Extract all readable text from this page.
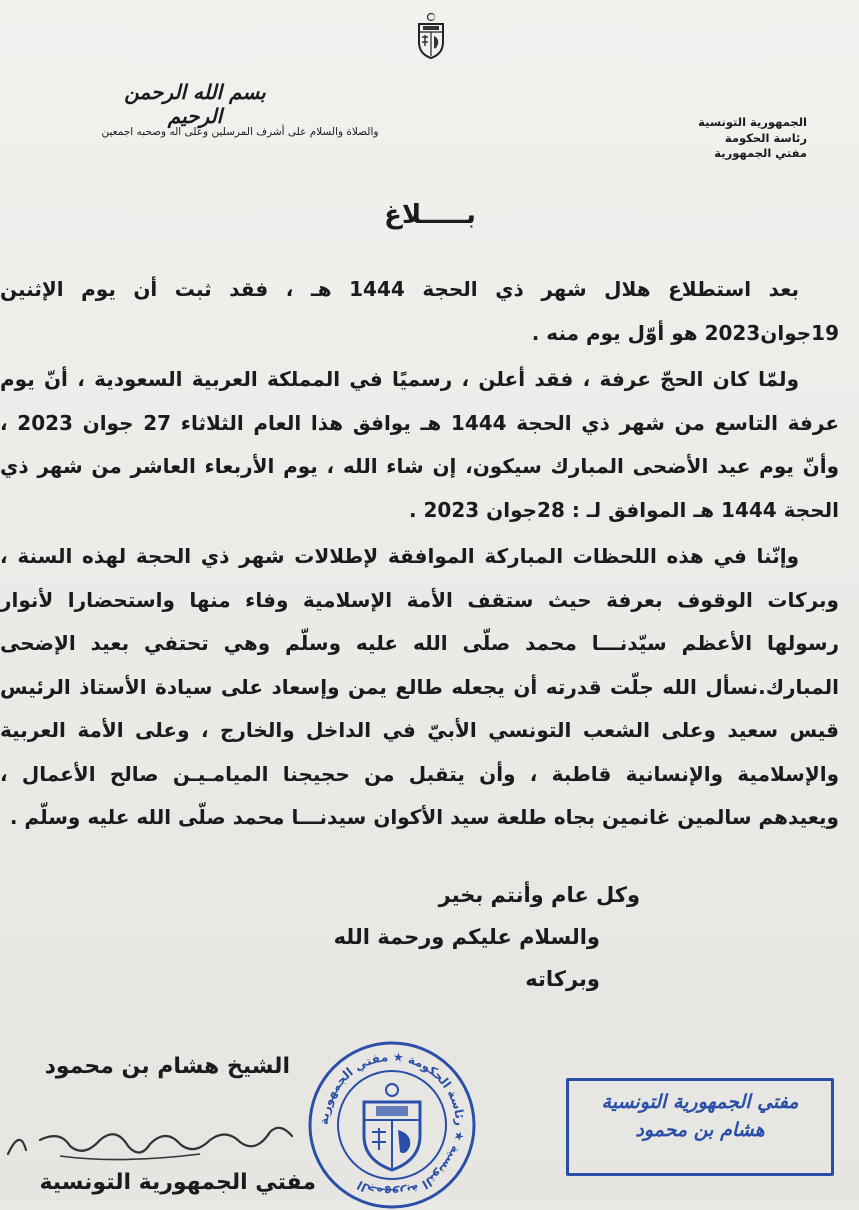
بسم الله الرحمن الرحيم
والصلاة والسلام على أشرف المرسلين وعلى اله وصحبه اجمعين
الجمهورية التونسية
رئاسة الحكومة
مفتي الجمهورية
بـــــلاغ

بعد استطلاع هلال شهر ذي الحجة 1444 هـ ، فقد ثبت أن يوم الإثنين 19جوان2023 هو أوّل يوم منه .

ولمّا كان الحجّ عرفة ، فقد أعلن ، رسميًا في المملكة العربية السعودية ، أنّ يوم عرفة التاسع من شهر ذي الحجة 1444 هـ يوافق هذا العام الثلاثاء 27 جوان 2023 ، وأنّ يوم عيد الأضحى المبارك سيكون، إن شاء الله ، يوم الأربعاء العاشر من شهر ذي الحجة 1444 هـ الموافق لـ : 28جوان 2023 .

وإنّنا في هذه اللحظات المباركة الموافقة لإطلالات شهر ذي الحجة لهذه السنة ، وبركات الوقوف بعرفة حيث ستقف الأمة الإسلامية وفاء منها واستحضارا لأنوار رسولها الأعظم سيّدنـــا محمد صلّى الله عليه وسلّم وهي تحتفي بعيد الإضحى المبارك.نسأل الله جلّت قدرته أن يجعله طالع يمن وإسعاد على سيادة الأستاذ الرئيس قيس سعيد وعلى الشعب التونسي الأبيّ في الداخل والخارج ، وعلى الأمة العربية والإسلامية والإنسانية قاطبة ، وأن يتقبل من حجيجنا الميامـيـن صالح الأعمال ، ويعيدهم سالمين غانمين بجاه طلعة سيد الأكوان سيدنـــا محمد صلّى الله عليه وسلّم .

وكل عام وأنتم بخير
والسلام عليكم ورحمة الله وبركاته
الشيخ هشام بن محمود
مفتي الجمهورية التونسية
الجمهورية التونسية ★ رئاسة الحكومة ★ مفتي الجمهورية
مفتي الجمهورية التونسية
هشام بن محمود
